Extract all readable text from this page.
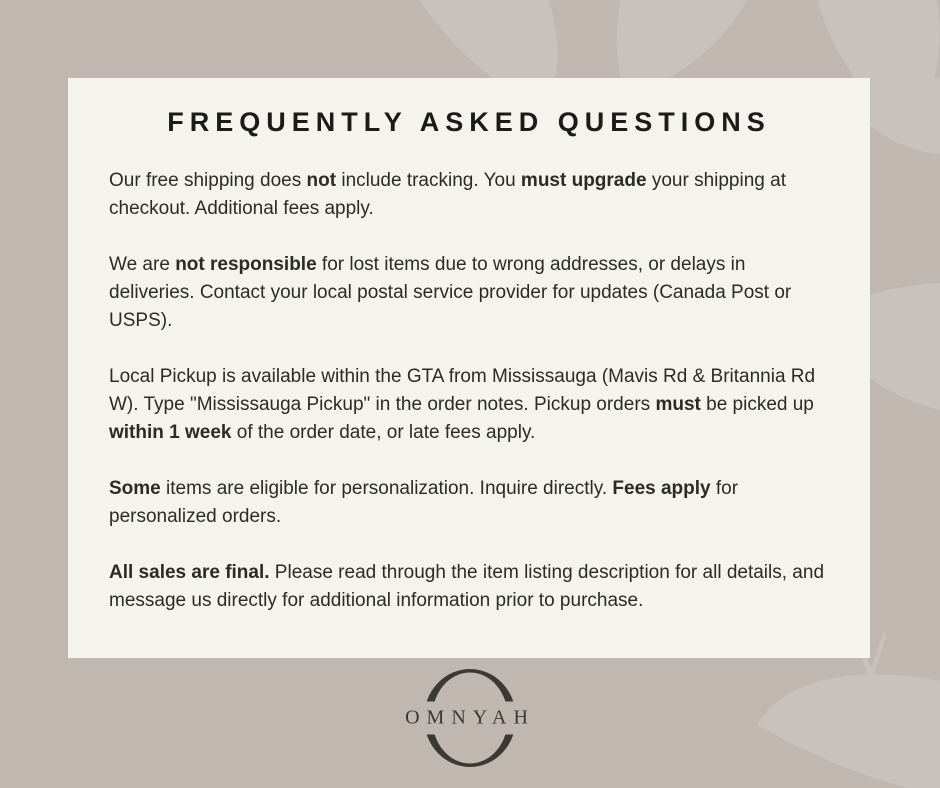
FREQUENTLY ASKED QUESTIONS

Our free shipping does not include tracking. You must upgrade your shipping at checkout. Additional fees apply.

We are not responsible for lost items due to wrong addresses, or delays in deliveries. Contact your local postal service provider for updates (Canada Post or USPS).

Local Pickup is available within the GTA from Mississauga (Mavis Rd & Britannia Rd W). Type "Mississauga Pickup" in the order notes. Pickup orders must be picked up within 1 week of the order date, or late fees apply.

Some items are eligible for personalization. Inquire directly. Fees apply for personalized orders.

All sales are final. Please read through the item listing description for all details, and message us directly for additional information prior to purchase.

OMNYAH
